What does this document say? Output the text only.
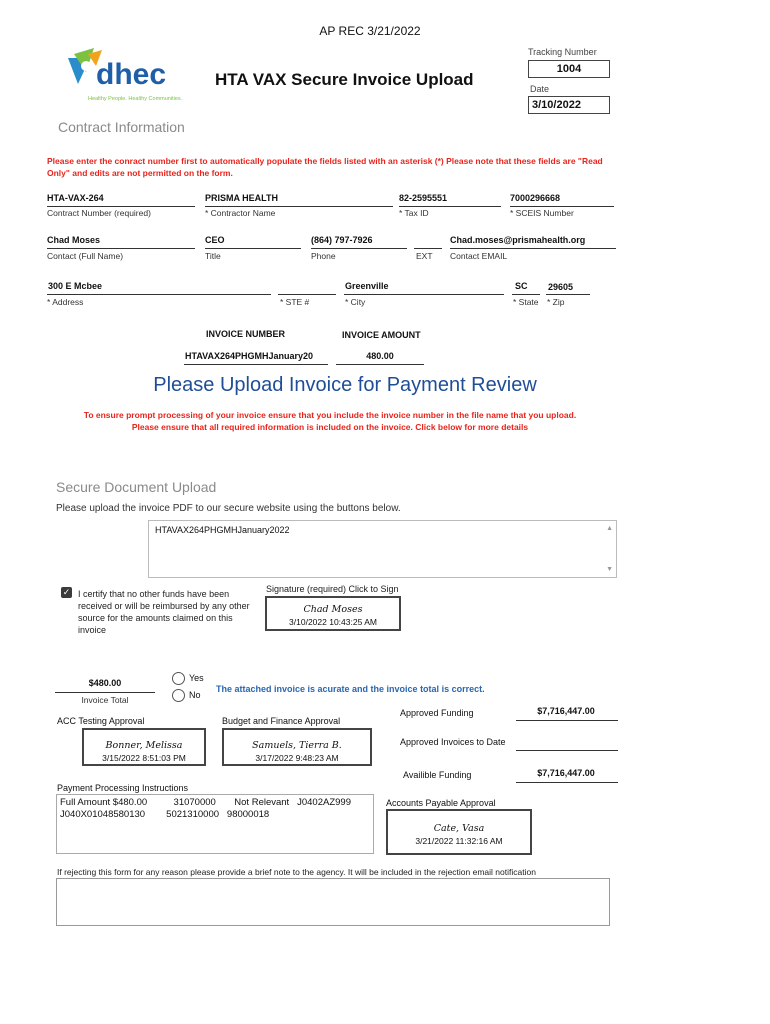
AP REC 3/21/2022
dhec
Healthy People. Healthy Communities.
HTA VAX Secure Invoice Upload
Tracking Number
1004
Date
3/10/2022
Contract Information
Please enter the conract number first to automatically populate the fields listed with an asterisk (*) Please note that these fields are "Read Only" and edits are not permitted on the form.
HTA-VAX-264
Contract Number (required)
PRISMA HEALTH
* Contractor Name
82-2595551
* Tax ID
7000296668
* SCEIS Number
Chad Moses
Contact (Full Name)
CEO
Title
(864) 797-7926
Phone	EXT
Chad.moses@prismahealth.org
Contact EMAIL
300 E Mcbee
* Address	* STE #
Greenville
* City
SC
* State
29605
* Zip
INVOICE NUMBER	INVOICE AMOUNT
HTAVAX264PHGMHJanuary20	480.00
Please Upload Invoice for Payment Review
To ensure prompt processing of your invoice ensure that you include the invoice number in the file name that you upload.
Please ensure that all required information is included on the invoice. Click below for more details
Secure Document Upload
Please upload the invoice PDF to our secure website using the buttons below.
HTAVAX264PHGMHJanuary2022	▲
▼
✓ I certify that no other funds have been received or will be reimbursed by any other source for the amounts claimed on this invoice
Signature (required) Click to Sign
Chad Moses
3/10/2022 10:43:25 AM
$480.00
Invoice Total
Yes
No
The attached invoice is acurate and the invoice total is correct.
ACC Testing Approval
Bonner, Melissa
3/15/2022 8:51:03 PM
Budget and Finance Approval
Samuels, Tierra B.
3/17/2022 9:48:23 AM
Approved Funding	$7,716,447.00
Approved Invoices to Date
Availible Funding	$7,716,447.00
Payment Processing Instructions
Full Amount $480.00          31070000       Not Relevant   J0402AZ999
J040X01048580130        5021310000   98000018
Accounts Payable Approval
Cate, Vasa
3/21/2022 11:32:16 AM
If rejecting this form for any reason please provide a brief note to the agency. It will be included in the rejection email notification
